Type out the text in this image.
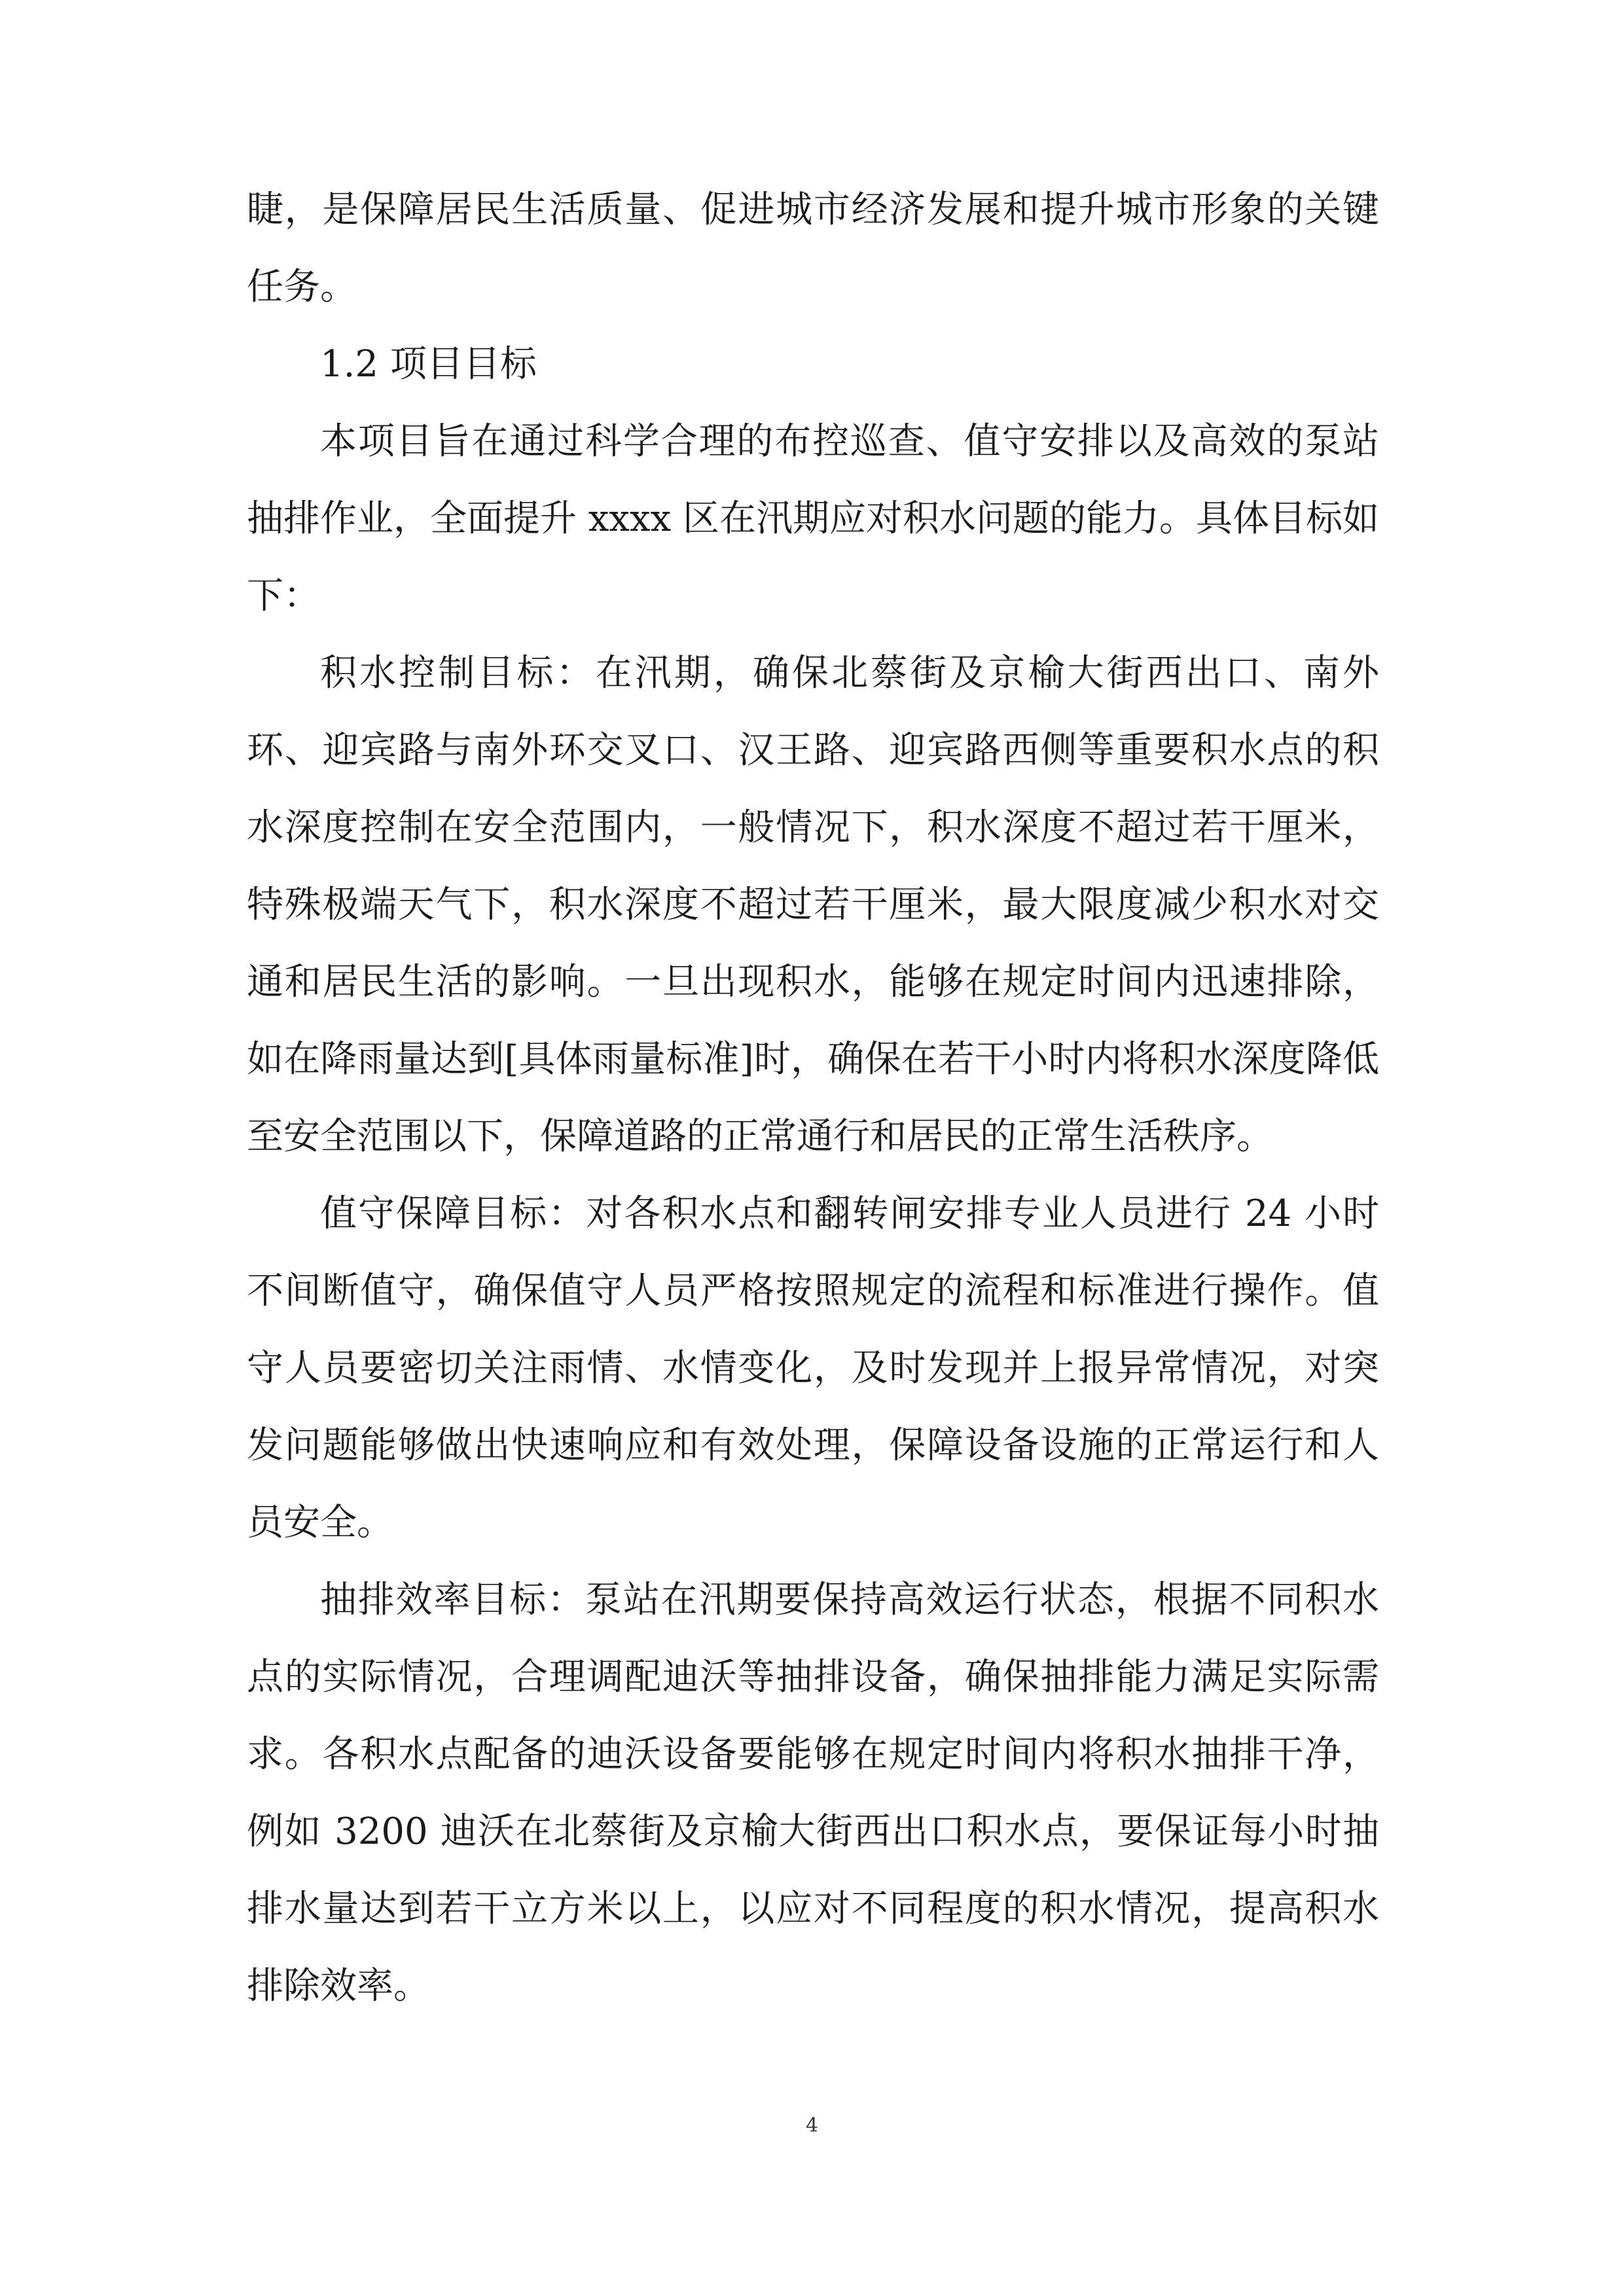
睫，是保障居民生活质量、促进城市经济发展和提升城市形象的关键任务。

1.2 项目目标

本项目旨在通过科学合理的布控巡查、值守安排以及高效的泵站抽排作业，全面提升 xxxx 区在汛期应对积水问题的能力。具体目标如下：

积水控制目标：在汛期，确保北蔡街及京榆大街西出口、南外环、迎宾路与南外环交叉口、汉王路、迎宾路西侧等重要积水点的积水深度控制在安全范围内，一般情况下，积水深度不超过若干厘米，特殊极端天气下，积水深度不超过若干厘米，最大限度减少积水对交通和居民生活的影响。一旦出现积水，能够在规定时间内迅速排除，如在降雨量达到[具体雨量标准]时，确保在若干小时内将积水深度降低至安全范围以下，保障道路的正常通行和居民的正常生活秩序。

值守保障目标：对各积水点和翻转闸安排专业人员进行 24 小时不间断值守，确保值守人员严格按照规定的流程和标准进行操作。值守人员要密切关注雨情、水情变化，及时发现并上报异常情况，对突发问题能够做出快速响应和有效处理，保障设备设施的正常运行和人员安全。

抽排效率目标：泵站在汛期要保持高效运行状态，根据不同积水点的实际情况，合理调配迪沃等抽排设备，确保抽排能力满足实际需求。各积水点配备的迪沃设备要能够在规定时间内将积水抽排干净，例如 3200 迪沃在北蔡街及京榆大街西出口积水点，要保证每小时抽排水量达到若干立方米以上，以应对不同程度的积水情况，提高积水排除效率。

4
